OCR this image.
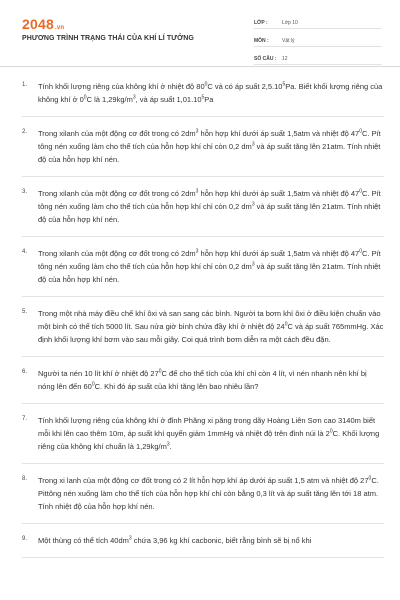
2048.vn
PHƯƠNG TRÌNH TRẠNG THÁI CỦA KHÍ LÍ TƯỞNG
LỚP :	Lớp 10
MÔN :	Vật lý
SỐ CÂU :	12
1.	Tính khối lượng riêng của không khí ở nhiệt độ $80^0C$ và có áp suất 2,5.10$^5$Pa. Biết khối lượng riêng của không khí ở $0^0C$ là $1,29kg/m^3$, và áp suất 1,01.10$^5$Pa
2.	Trong xilanh của một động cơ đốt trong có $2dm^3$ hỗn hợp khí dưới áp suất 1,5atm và nhiệt độ $47^0C$. Pít tông nén xuống làm cho thể tích của hỗn hợp khí chỉ còn 0,2 $dm^3$ và áp suất tăng lên 21atm. Tính nhiệt độ của hỗn hợp khí nén.
3.	Trong xilanh của một động cơ đốt trong có $2dm^3$ hỗn hợp khí dưới áp suất 1,5atm và nhiệt độ $47^0C$. Pít tông nén xuống làm cho thể tích của hỗn hợp khí chỉ còn 0,2 $dm^3$ và áp suất tăng lên 21atm. Tính nhiệt độ của hỗn hợp khí nén.
4.	Trong xilanh của một động cơ đốt trong có $2dm^3$ hỗn hợp khí dưới áp suất 1,5atm và nhiệt độ $47^0C$. Pít tông nén xuống làm cho thể tích của hỗn hợp khí chỉ còn 0,2 $dm^3$ và áp suất tăng lên 21atm. Tính nhiệt độ của hỗn hợp khí nén.
5.	Trong một nhà máy điều chế khí ôxi và san sang các bình. Người ta bơm khí ôxi ở điều kiện chuẩn vào một bình có thể tích 5000 lít. Sau nửa giờ bình chứa đầy khí ở nhiệt độ $24^0C$ và áp suất 765mmHg. Xác định khối lượng khí bơm vào sau mỗi giây. Coi quá trình bơm diễn ra một cách đều đặn.
6.	Người ta nén 10 lít khí ở nhiệt độ $27^0C$ để cho thể tích của khí chỉ còn 4 lít, vì nén nhanh nên khí bị nóng lên đến $60^0C$. Khi đó áp suất của khí tăng lên bao nhiêu lần?
7.	Tính khối lượng riêng của không khí ở đỉnh Phăng xi păng trong dãy Hoàng Liên Sơn cao 3140m biết mỗi khi lên cao thêm 10m, áp suất khí quyển giảm 1mmHg và nhiệt độ trên đỉnh núi là $2^0C$. Khối lượng riêng của không khí chuẩn là $1,29kg/m^3$.
8.	Trong xi lanh của một động cơ đốt trong có 2 lít hỗn hợp khí áp dưới áp suất 1,5 atm và nhiệt độ $27^0C$. Pittông nén xuống làm cho thể tích của hỗn hợp khí chỉ còn bằng 0,3 lít và áp suất tăng lên tới 18 atm. Tính nhiệt độ của hỗn hợp khí nén.
9.	Một thùng có thể tích $40dm^3$ chứa 3,96 kg khí cacbonic, biết rằng bình sẽ bị nổ khi
